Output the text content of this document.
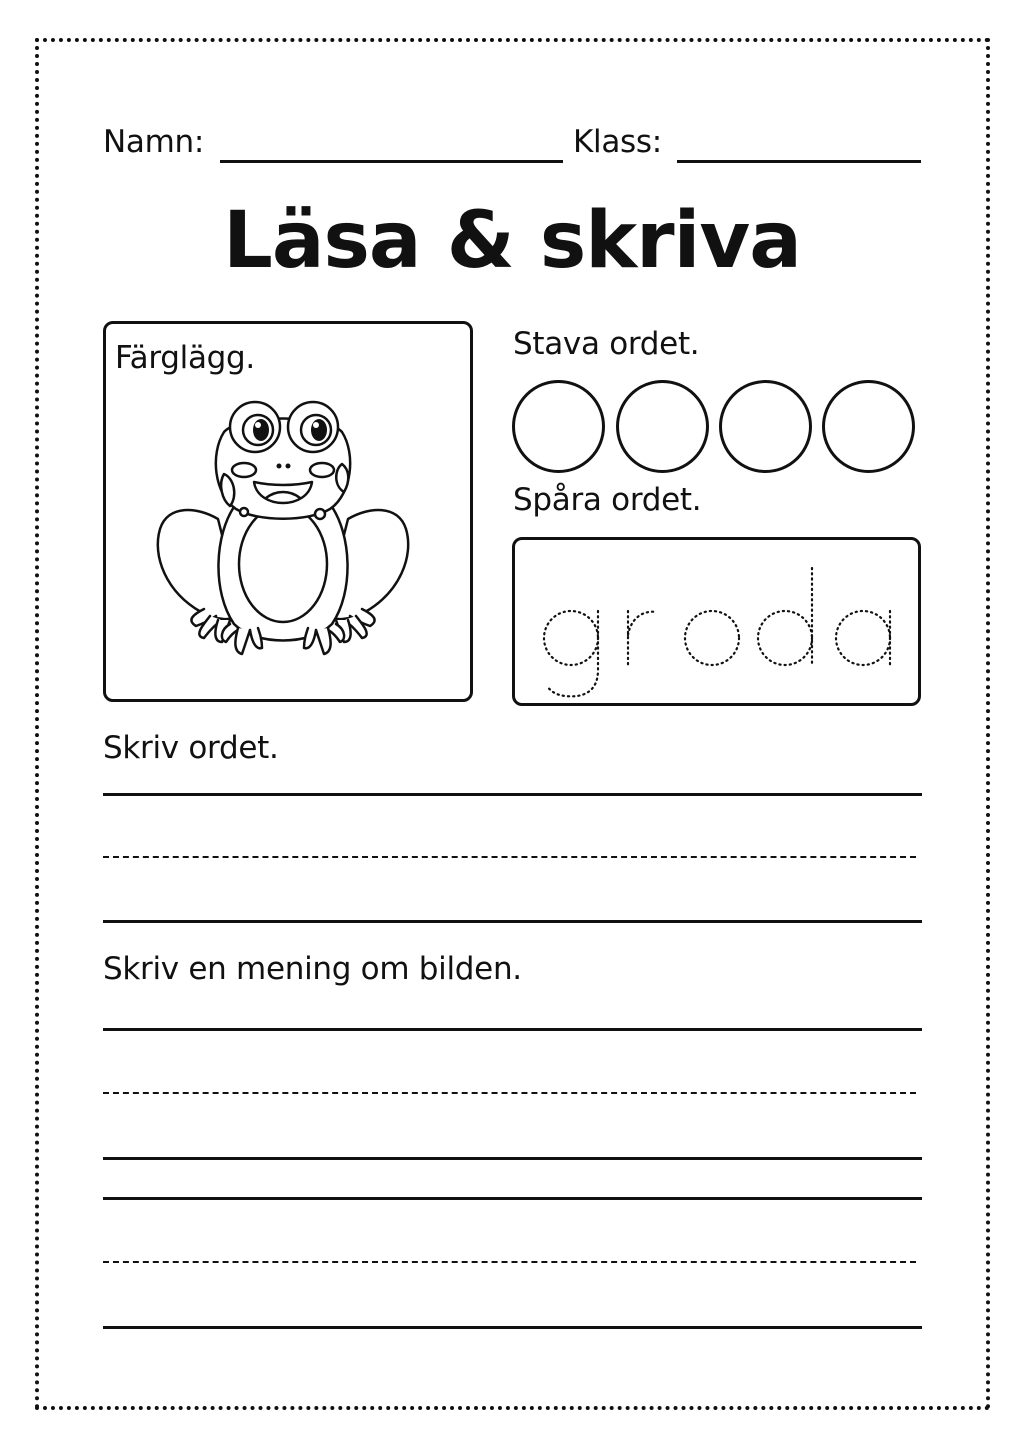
Namn:	Klass:
Läsa & skriva
Färglägg.	Stava ordet.
Spåra ordet.
groda
Skriv ordet.
Skriv en mening om bilden.
